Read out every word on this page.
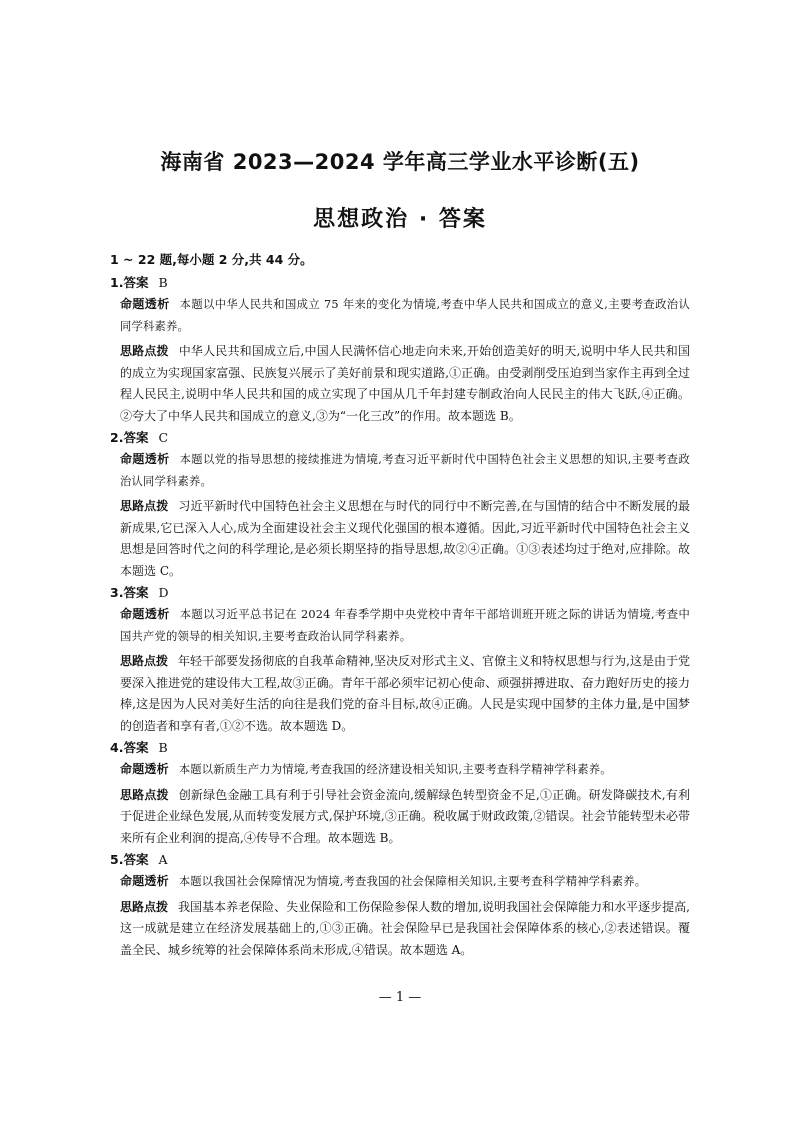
海南省 2023—2024 学年高三学业水平诊断(五)
思想政治 · 答案
1 ~ 22 题,每小题 2 分,共 44 分。
1.答案 B
命题透析 本题以中华人民共和国成立 75 年来的变化为情境,考查中华人民共和国成立的意义,主要考查政治认同学科素养。
思路点拨 中华人民共和国成立后,中国人民满怀信心地走向未来,开始创造美好的明天,说明中华人民共和国的成立为实现国家富强、民族复兴展示了美好前景和现实道路,①正确。由受剥削受压迫到当家作主再到全过程人民民主,说明中华人民共和国的成立实现了中国从几千年封建专制政治向人民民主的伟大飞跃,④正确。②夸大了中华人民共和国成立的意义,③为“一化三改”的作用。故本题选 B。
2.答案 C
命题透析 本题以党的指导思想的接续推进为情境,考查习近平新时代中国特色社会主义思想的知识,主要考查政治认同学科素养。
思路点拨 习近平新时代中国特色社会主义思想在与时代的同行中不断完善,在与国情的结合中不断发展的最新成果,它已深入人心,成为全面建设社会主义现代化强国的根本遵循。因此,习近平新时代中国特色社会主义思想是回答时代之问的科学理论,是必须长期坚持的指导思想,故②④正确。①③表述均过于绝对,应排除。故本题选 C。
3.答案 D
命题透析 本题以习近平总书记在 2024 年春季学期中央党校中青年干部培训班开班之际的讲话为情境,考查中国共产党的领导的相关知识,主要考查政治认同学科素养。
思路点拨 年轻干部要发扬彻底的自我革命精神,坚决反对形式主义、官僚主义和特权思想与行为,这是由于党要深入推进党的建设伟大工程,故③正确。青年干部必须牢记初心使命、顽强拼搏进取、奋力跑好历史的接力棒,这是因为人民对美好生活的向往是我们党的奋斗目标,故④正确。人民是实现中国梦的主体力量,是中国梦的创造者和享有者,①②不选。故本题选 D。
4.答案 B
命题透析 本题以新质生产力为情境,考查我国的经济建设相关知识,主要考查科学精神学科素养。
思路点拨 创新绿色金融工具有利于引导社会资金流向,缓解绿色转型资金不足,①正确。研发降碳技术,有利于促进企业绿色发展,从而转变发展方式,保护环境,③正确。税收属于财政政策,②错误。社会节能转型未必带来所有企业利润的提高,④传导不合理。故本题选 B。
5.答案 A
命题透析 本题以我国社会保障情况为情境,考查我国的社会保障相关知识,主要考查科学精神学科素养。
思路点拨 我国基本养老保险、失业保险和工伤保险参保人数的增加,说明我国社会保障能力和水平逐步提高,这一成就是建立在经济发展基础上的,①③正确。社会保险早已是我国社会保障体系的核心,②表述错误。覆盖全民、城乡统筹的社会保障体系尚未形成,④错误。故本题选 A。
— 1 —
